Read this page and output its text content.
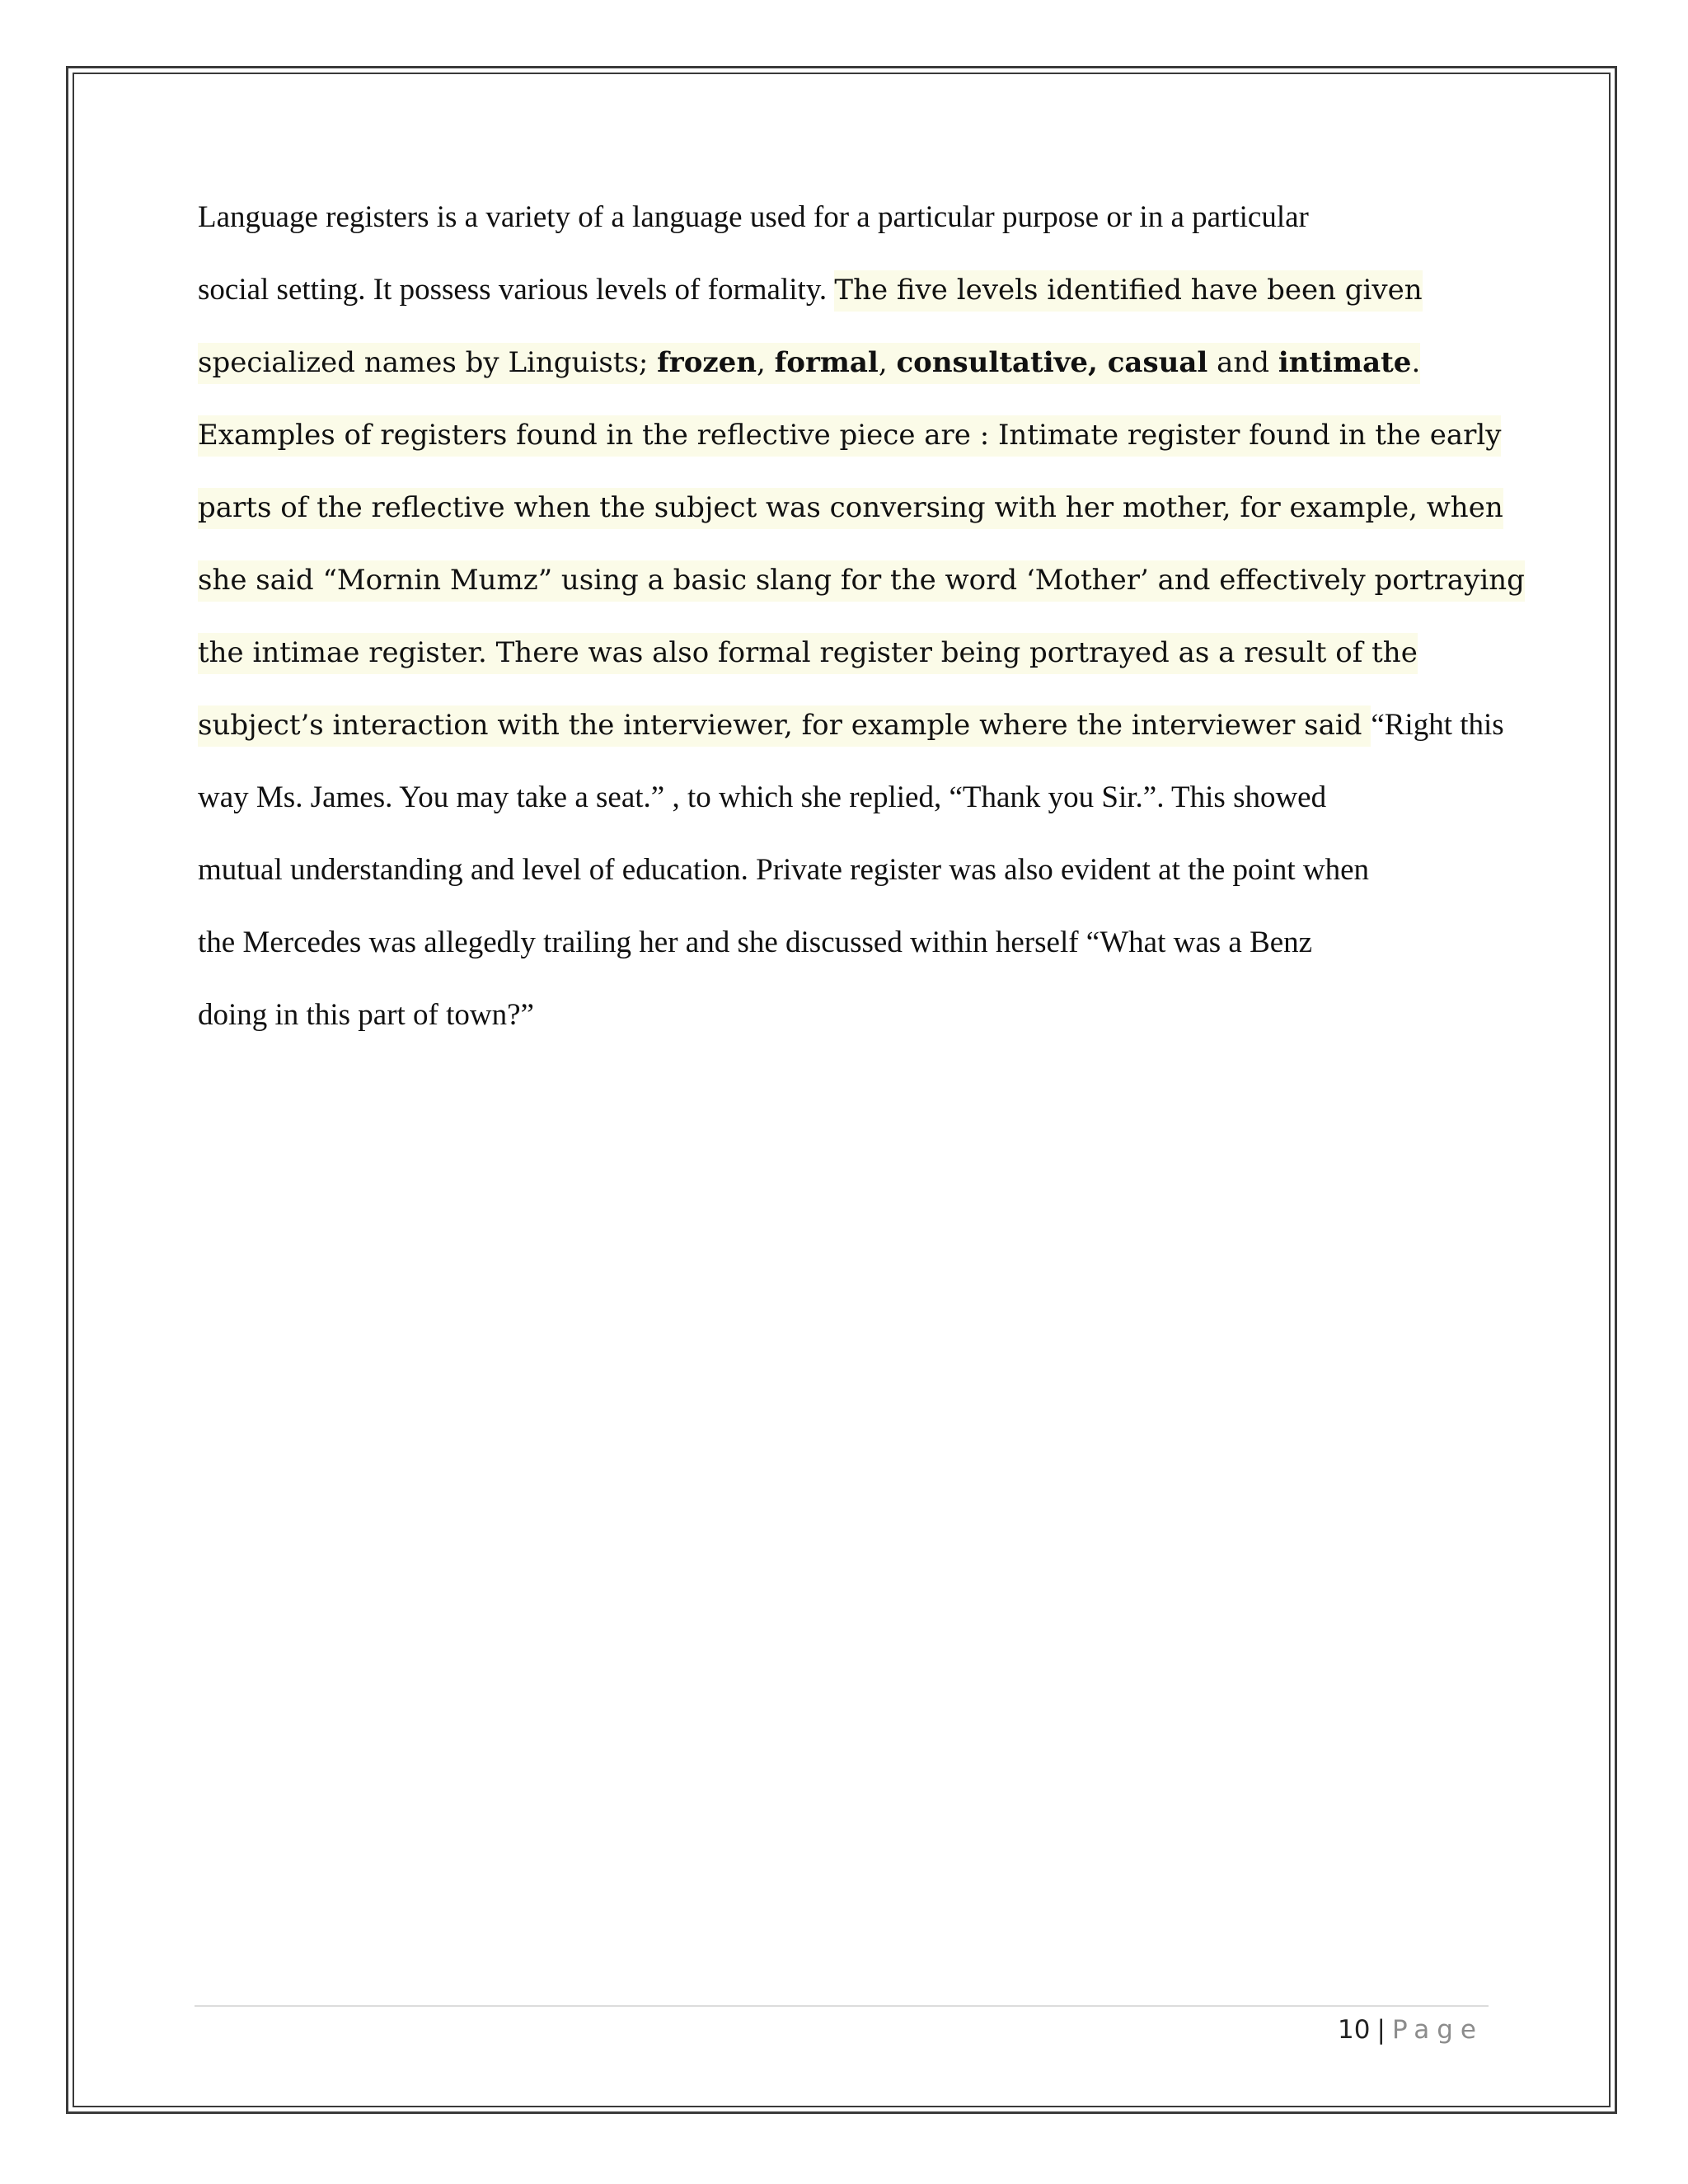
Language registers is a variety of a language used for a particular purpose or in a particular
social setting. It possess various levels of formality. The five levels identified have been given
specialized names by Linguists; frozen, formal, consultative, casual and intimate.
Examples of registers found in the reflective piece are : Intimate register found in the early
parts of the reflective when the subject was conversing with her mother, for example, when
she said “Mornin Mumz” using a basic slang for the word ‘Mother’ and effectively portraying
the intimae register. There was also formal register being portrayed as a result of the
subject’s interaction with the interviewer, for example where the interviewer said “Right this
way Ms. James. You may take a seat.” , to which she replied, “Thank you Sir.”. This showed
mutual understanding and level of education. Private register was also evident at the point when
the Mercedes was allegedly trailing her and she discussed within herself “What was a Benz
doing in this part of town?”
10 | Page
